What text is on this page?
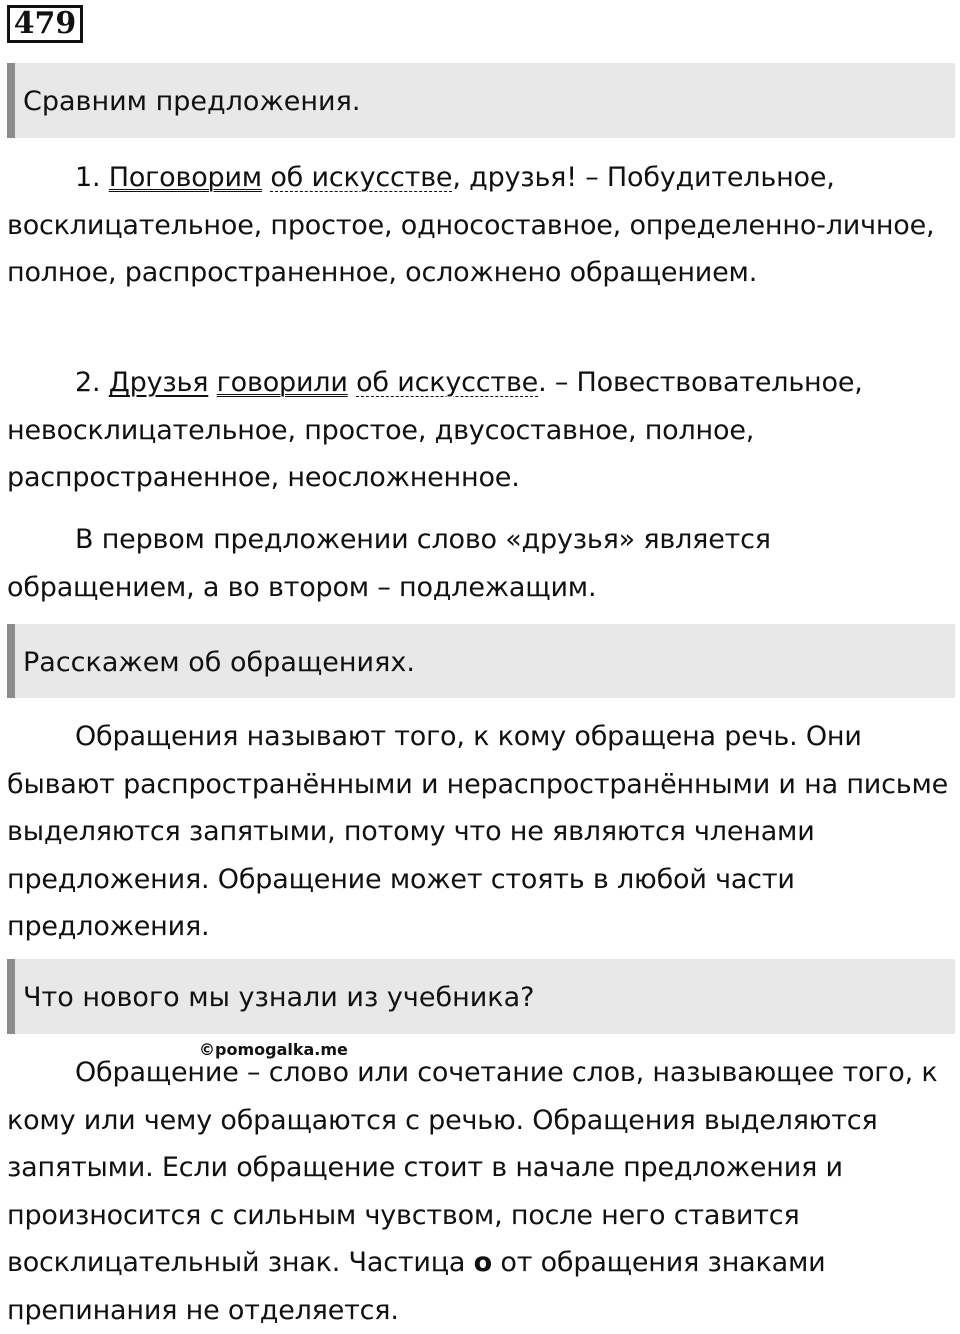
479
Сравним предложения.

1. Поговорим об искусстве, друзья! – Побудительное, восклицательное, простое, односоставное, определенно-личное, полное, распространенное, осложнено обращением.

2. Друзья говорили об искусстве. – Повествовательное, невосклицательное, простое, двусоставное, полное, распространенное, неосложненное.

В первом предложении слово «друзья» является обращением, а во втором – подлежащим.

Расскажем об обращениях.

Обращения называют того, к кому обращена речь. Они бывают распространёнными и нераспространёнными и на письме выделяются запятыми, потому что не являются членами предложения. Обращение может стоять в любой части предложения.

Что нового мы узнали из учебника?
©pomogalka.me

Обращение – слово или сочетание слов, называющее того, к кому или чему обращаются с речью. Обращения выделяются запятыми. Если обращение стоит в начале предложения и произносится с сильным чувством, после него ставится восклицательный знак. Частица о от обращения знаками препинания не отделяется.
